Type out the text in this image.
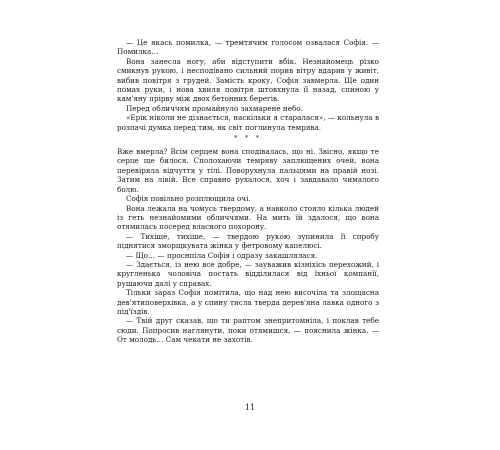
— Це якась помилка, — тремтячим голосом озвалася Софія. — Помилка…

Вона занесла ногу, аби відступити вбік. Незнайомець різко смикнув рукою, і несподівано сильний порив вітру вдарив у живіт, вибив повітря з грудей. Замість кроку, Софія завмерла. Ще один помах руки, і нова хвиля повітря штовхнула її назад, спиною у кам'яну прірву між двох бетонних берегів.

Перед обличчям промайнуло захмарене небо.

«Ерік ніколи не дізнається, наскільки я старалася», — кольнула в розпачі думка перед тим, як світ поглинула темрява.

* * *

Вже вмерла? Всім серцем вона сподівалась, що ні. Звісно, якщо те серце ще билося. Сполохаючи темряву заплющених очей, вона перевіряла відчуття у тілі. Поворухнула пальцями на правій нозі. Затим на лівій. Все справно рухалося, хоч і завдавало чималого болю.

Софія повільно розплющила очі.

Вона лежала на чомусь твердому, а навколо стояло кілька людей із геть незнайомими обличчями. На мить їй здалося, що вона отямилась посеред власного похорону.

— Тихіше, тихіше, — твердою рукою зупинила її спробу піднятися зморщкувата жінка у фетровому капелюсі.

— Що… — проснпіла Софія і одразу закашлялася.

— Здається, із нею все добре, — зауважив кізніхісь перехожий, і кругленька чоловіча постать відділилася від їхньої компанії, рушаючи далі у справах.

Тільки зараз Софія помітила, що над нею височіла та злощасна дев'ятиповерхівка, а у спину тисла тверда дерев'яна лавка одного з під'їздів.

— Твій друг сказав, що ти раптом знепритомніла, і поклав тебе сюди. Попросив наглянути, поки отямишся, — пояснила жінка. — От молодь… Сам чекати не захотів.

11
